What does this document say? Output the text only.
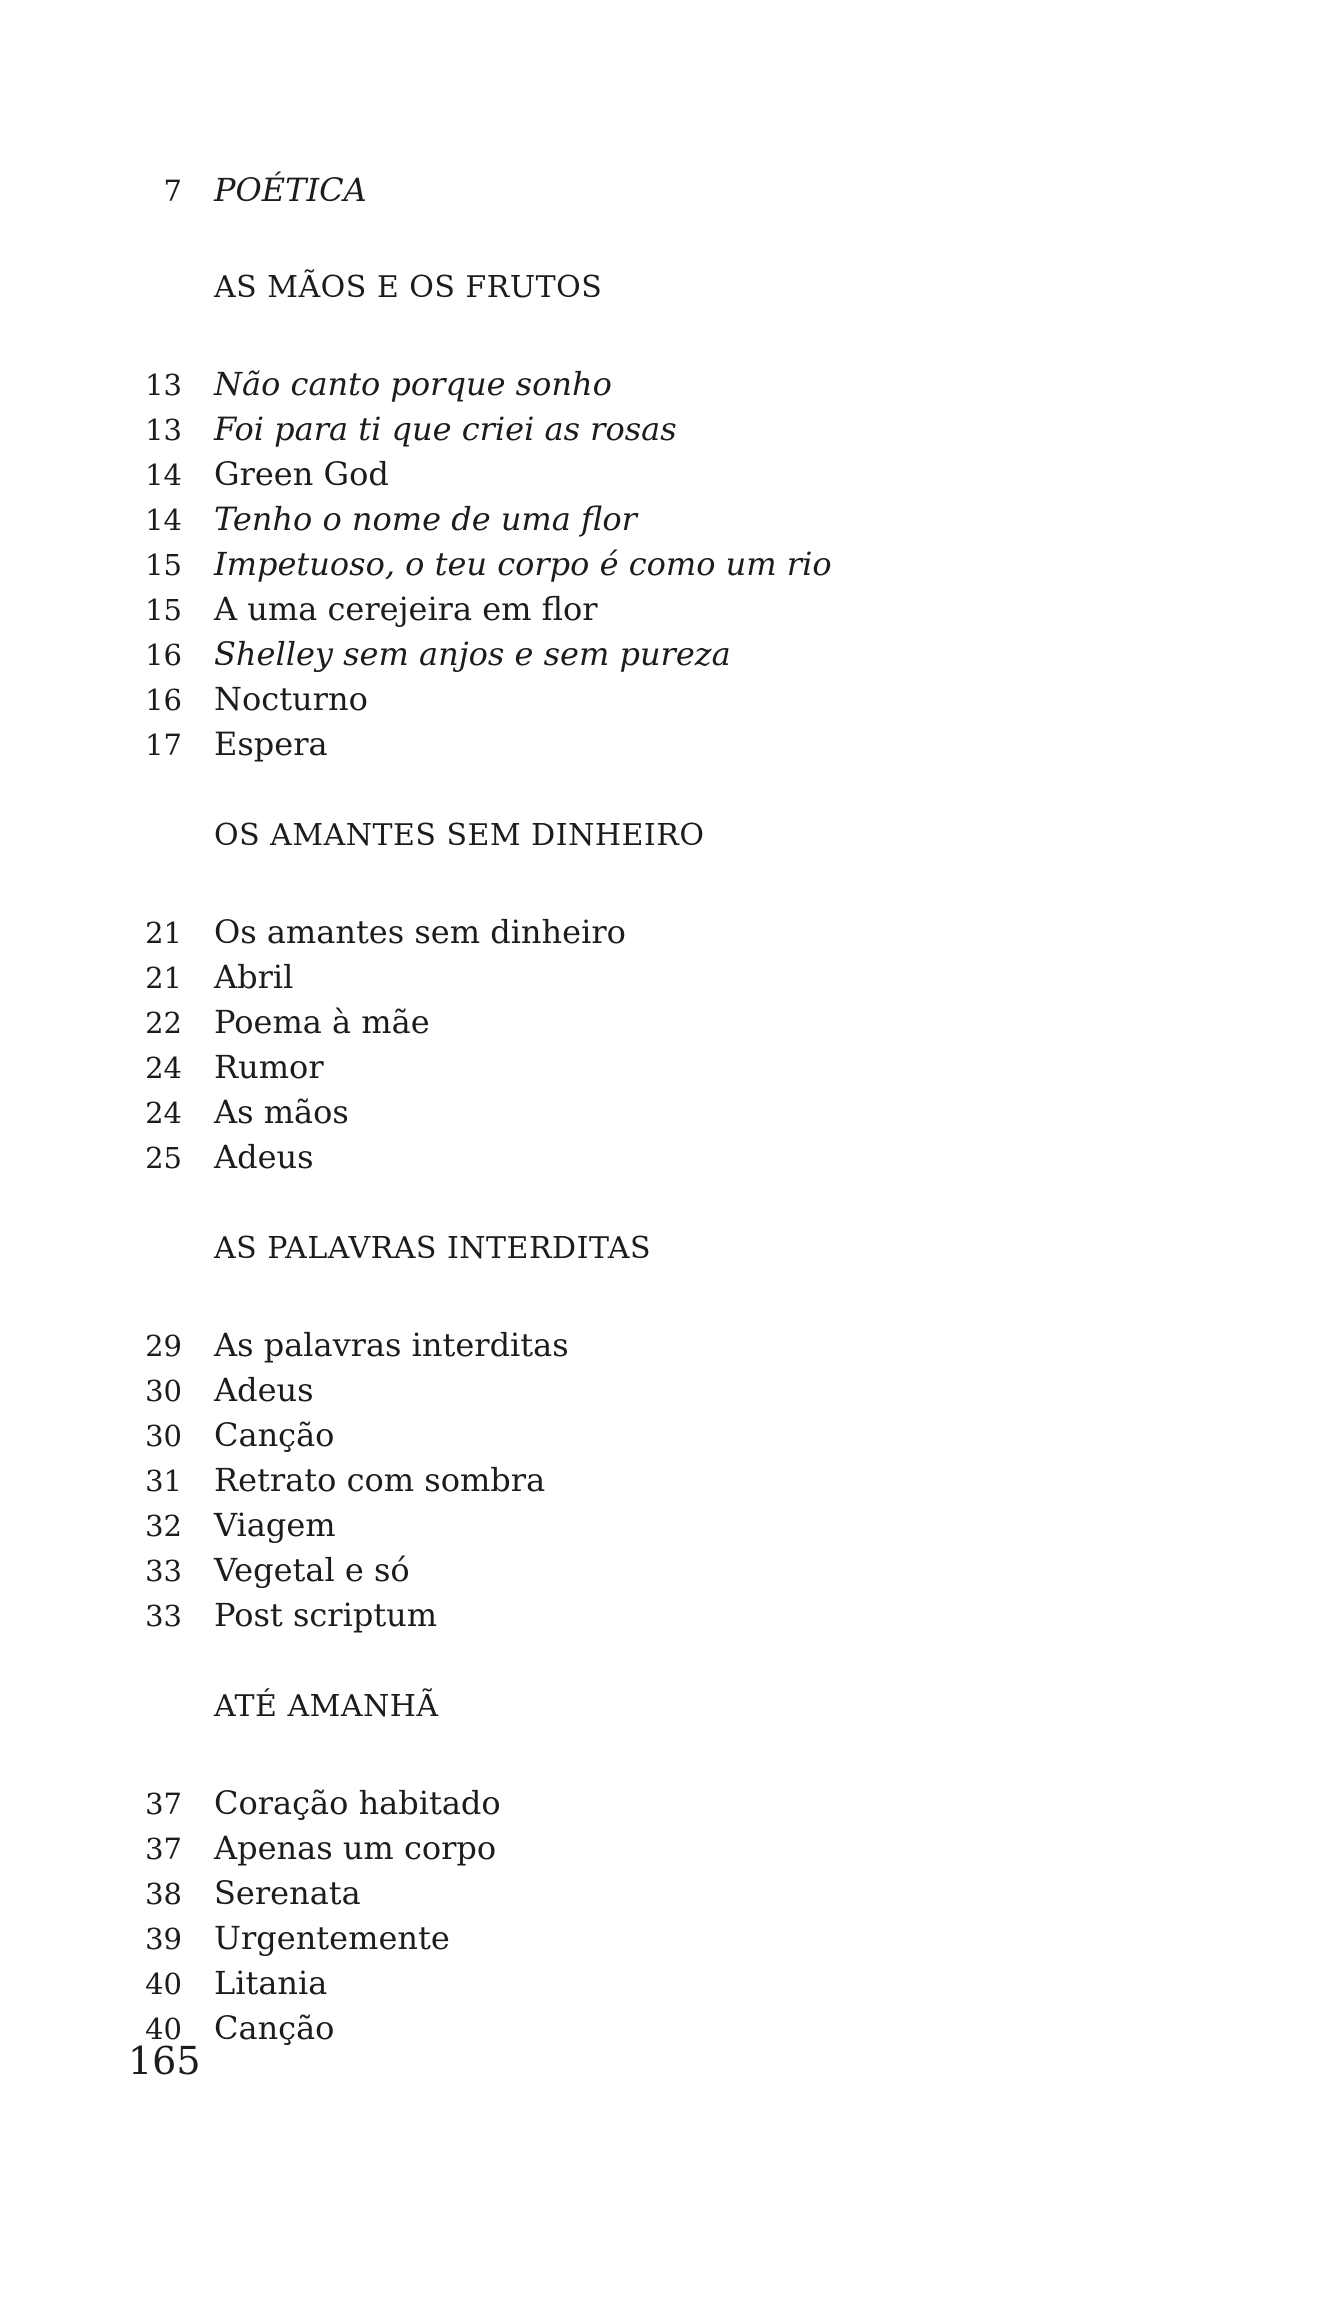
7 POÉTICA
AS MÃOS E OS FRUTOS
13 Não canto porque sonho
13 Foi para ti que criei as rosas
14 Green God
14 Tenho o nome de uma flor
15 Impetuoso, o teu corpo é como um rio
15 A uma cerejeira em flor
16 Shelley sem anjos e sem pureza
16 Nocturno
17 Espera
OS AMANTES SEM DINHEIRO
21 Os amantes sem dinheiro
21 Abril
22 Poema à mãe
24 Rumor
24 As mãos
25 Adeus
AS PALAVRAS INTERDITAS
29 As palavras interditas
30 Adeus
30 Canção
31 Retrato com sombra
32 Viagem
33 Vegetal e só
33 Post scriptum
ATÉ AMANHÃ
37 Coração habitado
37 Apenas um corpo
38 Serenata
39 Urgentemente
40 Litania
40 Canção
165
